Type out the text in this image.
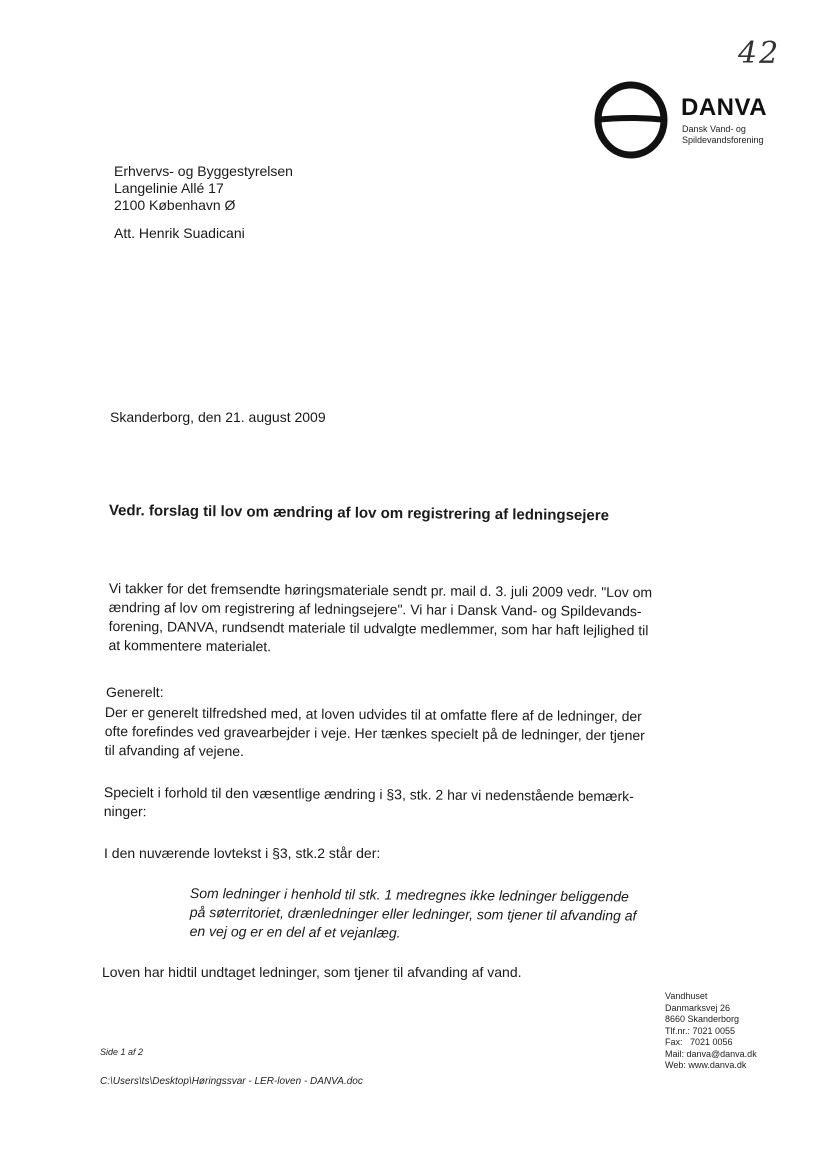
42
DANVA
Dansk Vand- og
Spildevandsforening
Erhvervs- og Byggestyrelsen
Langelinie Allé 17
2100 København Ø
Att. Henrik Suadicani
Skanderborg, den 21. august 2009
Vedr. forslag til lov om ændring af lov om registrering af ledningsejere
Vi takker for det fremsendte høringsmateriale sendt pr. mail d. 3. juli 2009 vedr. "Lov om
ændring af lov om registrering af ledningsejere". Vi har i Dansk Vand- og Spildevands-
forening, DANVA, rundsendt materiale til udvalgte medlemmer, som har haft lejlighed til
at kommentere materialet.
Generelt:
Der er generelt tilfredshed med, at loven udvides til at omfatte flere af de ledninger, der
ofte forefindes ved gravearbejder i veje. Her tænkes specielt på de ledninger, der tjener
til afvanding af vejene.
Specielt i forhold til den væsentlige ændring i §3, stk. 2 har vi nedenstående bemærk-
ninger:
I den nuværende lovtekst i §3, stk.2 står der:
Som ledninger i henhold til stk. 1 medregnes ikke ledninger beliggende
på søterritoriet, drænledninger eller ledninger, som tjener til afvanding af
en vej og er en del af et vejanlæg.
Loven har hidtil undtaget ledninger, som tjener til afvanding af vand.
Vandhuset
Danmarksvej 26
8660 Skanderborg
Tlf.nr.: 7021 0055
Fax:   7021 0056
Mail: danva@danva.dk
Web: www.danva.dk
Side 1 af 2
C:\Users\ts\Desktop\Høringssvar - LER-loven - DANVA.doc
